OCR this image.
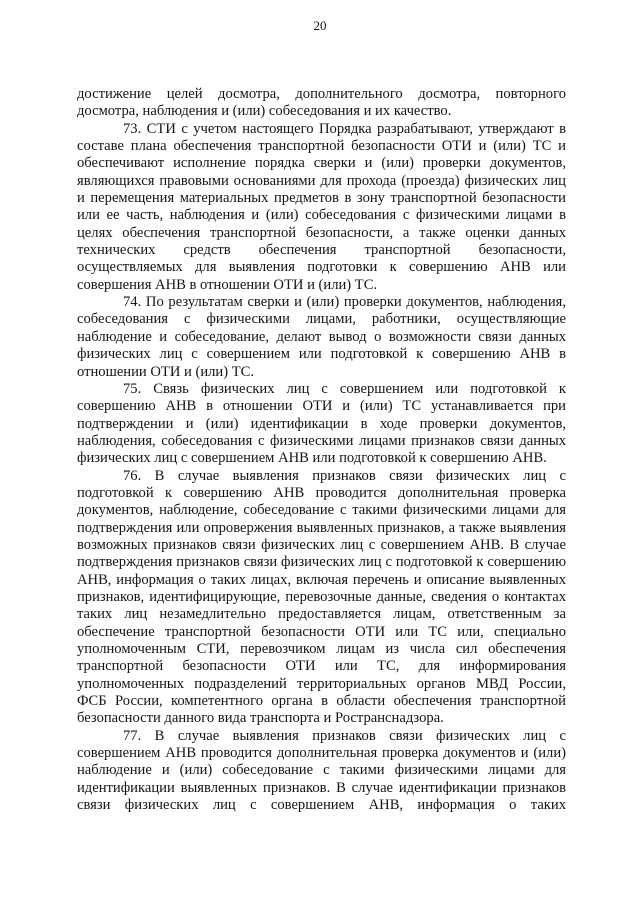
20

достижение целей досмотра, дополнительного досмотра, повторного досмотра, наблюдения и (или) собеседования и их качество.

73. СТИ с учетом настоящего Порядка разрабатывают, утверждают в составе плана обеспечения транспортной безопасности ОТИ и (или) ТС и обеспечивают исполнение порядка сверки и (или) проверки документов, являющихся правовыми основаниями для прохода (проезда) физических лиц и перемещения материальных предметов в зону транспортной безопасности или ее часть, наблюдения и (или) собеседования с физическими лицами в целях обеспечения транспортной безопасности, а также оценки данных технических средств обеспечения транспортной безопасности, осуществляемых для выявления подготовки к совершению АНВ или совершения АНВ в отношении ОТИ и (или) ТС.

74. По результатам сверки и (или) проверки документов, наблюдения, собеседования с физическими лицами, работники, осуществляющие наблюдение и собеседование, делают вывод о возможности связи данных физических лиц с совершением или подготовкой к совершению АНВ в отношении ОТИ и (или) ТС.

75. Связь физических лиц с совершением или подготовкой к совершению АНВ в отношении ОТИ и (или) ТС устанавливается при подтверждении и (или) идентификации в ходе проверки документов, наблюдения, собеседования с физическими лицами признаков связи данных физических лиц с совершением АНВ или подготовкой к совершению АНВ.

76. В случае выявления признаков связи физических лиц с подготовкой к совершению АНВ проводится дополнительная проверка документов, наблюдение, собеседование с такими физическими лицами для подтверждения или опровержения выявленных признаков, а также выявления возможных признаков связи физических лиц с совершением АНВ. В случае подтверждения признаков связи физических лиц с подготовкой к совершению АНВ, информация о таких лицах, включая перечень и описание выявленных признаков, идентифицирующие, перевозочные данные, сведения о контактах таких лиц незамедлительно предоставляется лицам, ответственным за обеспечение транспортной безопасности ОТИ или ТС или, специально уполномоченным СТИ, перевозчиком лицам из числа сил обеспечения транспортной безопасности ОТИ или ТС, для информирования уполномоченных подразделений территориальных органов МВД России, ФСБ России, компетентного органа в области обеспечения транспортной безопасности данного вида транспорта и Ространснадзора.

77. В случае выявления признаков связи физических лиц с совершением АНВ проводится дополнительная проверка документов и (или) наблюдение и (или) собеседование с такими физическими лицами для идентификации выявленных признаков. В случае идентификации признаков связи физических лиц с совершением АНВ, информация о таких
